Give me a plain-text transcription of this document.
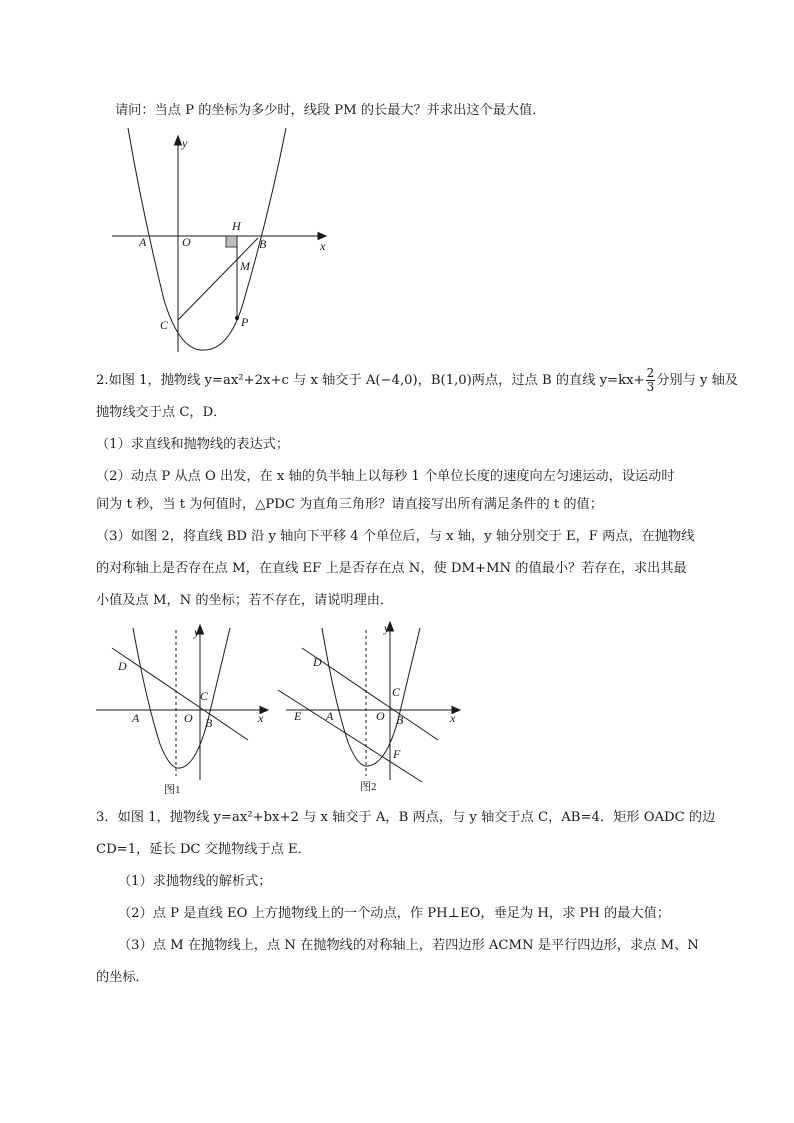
请问：当点 P 的坐标为多少时，线段 PM 的长最大？并求出这个最大值．
y
x
O
A	B
H
M
C	P
2.如图 1，抛物线 y=ax²+2x+c 与 x 轴交于 A(−4,0)，B(1,0)两点，过点 B 的直线 $y=kx+ \frac{2}{3}$ 分别与 y 轴及
抛物线交于点 C，D．
（1）求直线和抛物线的表达式；
（2）动点 P 从点 O 出发，在 x 轴的负半轴上以每秒 1 个单位长度的速度向左匀速运动，设运动时
间为 t 秒，当 t 为何值时，△PDC 为直角三角形？请直接写出所有满足条件的 t 的值；
（3）如图 2，将直线 BD 沿 y 轴向下平移 4 个单位后，与 x 轴，y 轴分别交于 E，F 两点，在抛物线
的对称轴上是否存在点 M，在直线 EF 上是否存在点 N，使 DM+MN 的值最小？若存在，求出其最
小值及点 M，N 的坐标；若不存在，请说明理由．
y
x
D
C
A	O B
图1
y
x
D
C
E A	O B
F
图2
3．如图 1，抛物线 y=ax²+bx+2 与 x 轴交于 A，B 两点，与 y 轴交于点 C，AB=4．矩形 OADC 的边
CD=1，延长 DC 交抛物线于点 E．
（1）求抛物线的解析式；
（2）点 P 是直线 EO 上方抛物线上的一个动点，作 PH⊥EO，垂足为 H，求 PH 的最大值；
（3）点 M 在抛物线上，点 N 在抛物线的对称轴上，若四边形 ACMN 是平行四边形，求点 M、N
的坐标．
